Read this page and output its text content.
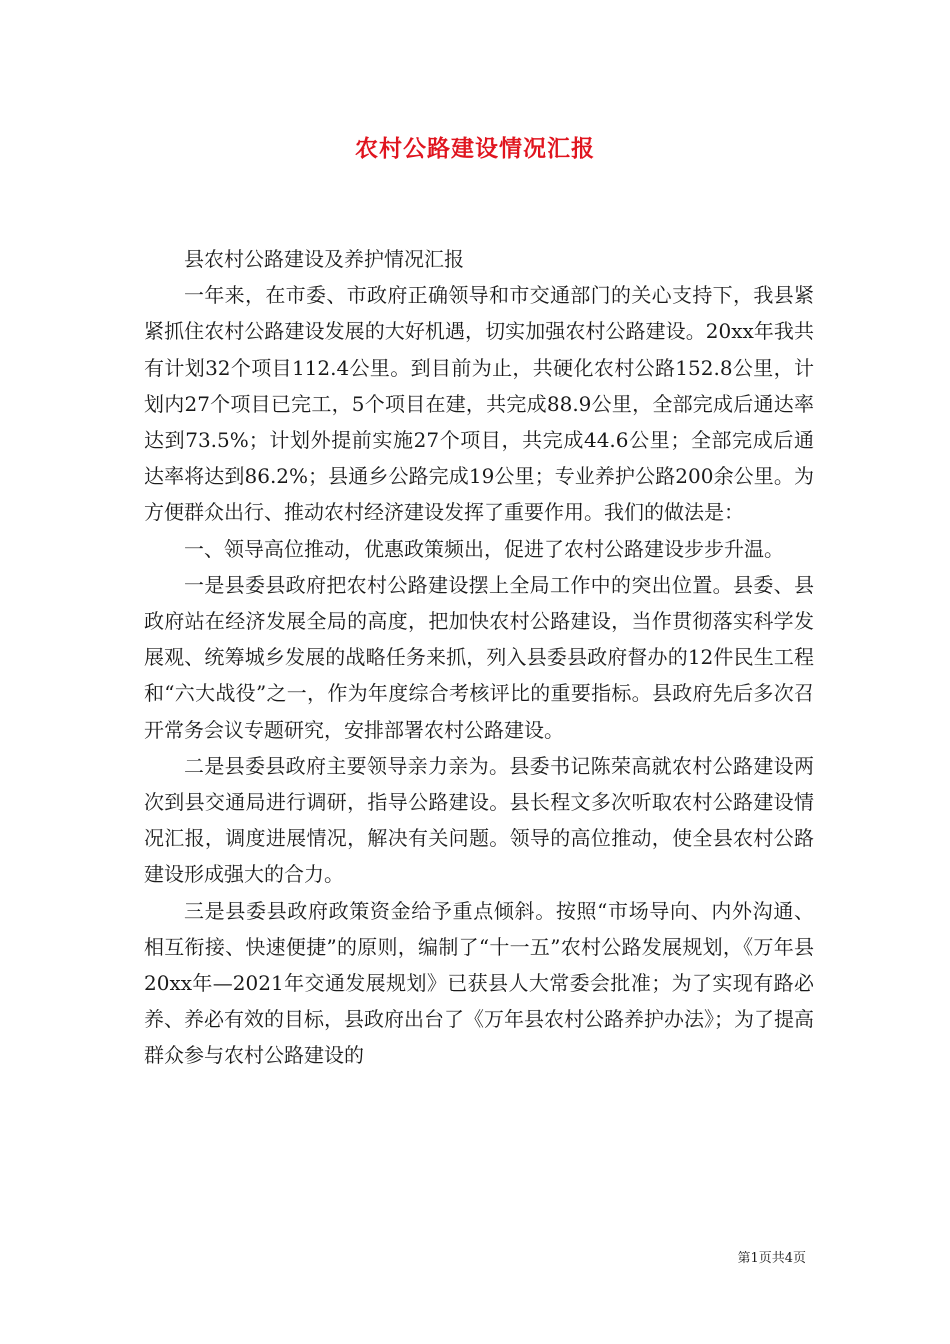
农村公路建设情况汇报

县农村公路建设及养护情况汇报

一年来，在市委、市政府正确领导和市交通部门的关心支持下，我县紧紧抓住农村公路建设发展的大好机遇，切实加强农村公路建设。20xx年我共有计划32个项目112.4公里。到目前为止，共硬化农村公路152.8公里，计划内27个项目已完工，5个项目在建，共完成88.9公里，全部完成后通达率达到73.5%；计划外提前实施27个项目，共完成44.6公里；全部完成后通达率将达到86.2%；县通乡公路完成19公里；专业养护公路200余公里。为方便群众出行、推动农村经济建设发挥了重要作用。我们的做法是：

一、领导高位推动，优惠政策频出，促进了农村公路建设步步升温。

一是县委县政府把农村公路建设摆上全局工作中的突出位置。县委、县政府站在经济发展全局的高度，把加快农村公路建设，当作贯彻落实科学发展观、统筹城乡发展的战略任务来抓，列入县委县政府督办的12件民生工程和“六大战役”之一，作为年度综合考核评比的重要指标。县政府先后多次召开常务会议专题研究，安排部署农村公路建设。

二是县委县政府主要领导亲力亲为。县委书记陈荣高就农村公路建设两次到县交通局进行调研，指导公路建设。县长程文多次听取农村公路建设情况汇报，调度进展情况，解决有关问题。领导的高位推动，使全县农村公路建设形成强大的合力。

三是县委县政府政策资金给予重点倾斜。按照“市场导向、内外沟通、相互衔接、快速便捷”的原则，编制了“十一五”农村公路发展规划，《万年县20xx年—2021年交通发展规划》已获县人大常委会批准；为了实现有路必养、养必有效的目标，县政府出台了《万年县农村公路养护办法》；为了提高群众参与农村公路建设的

第1页共4页
